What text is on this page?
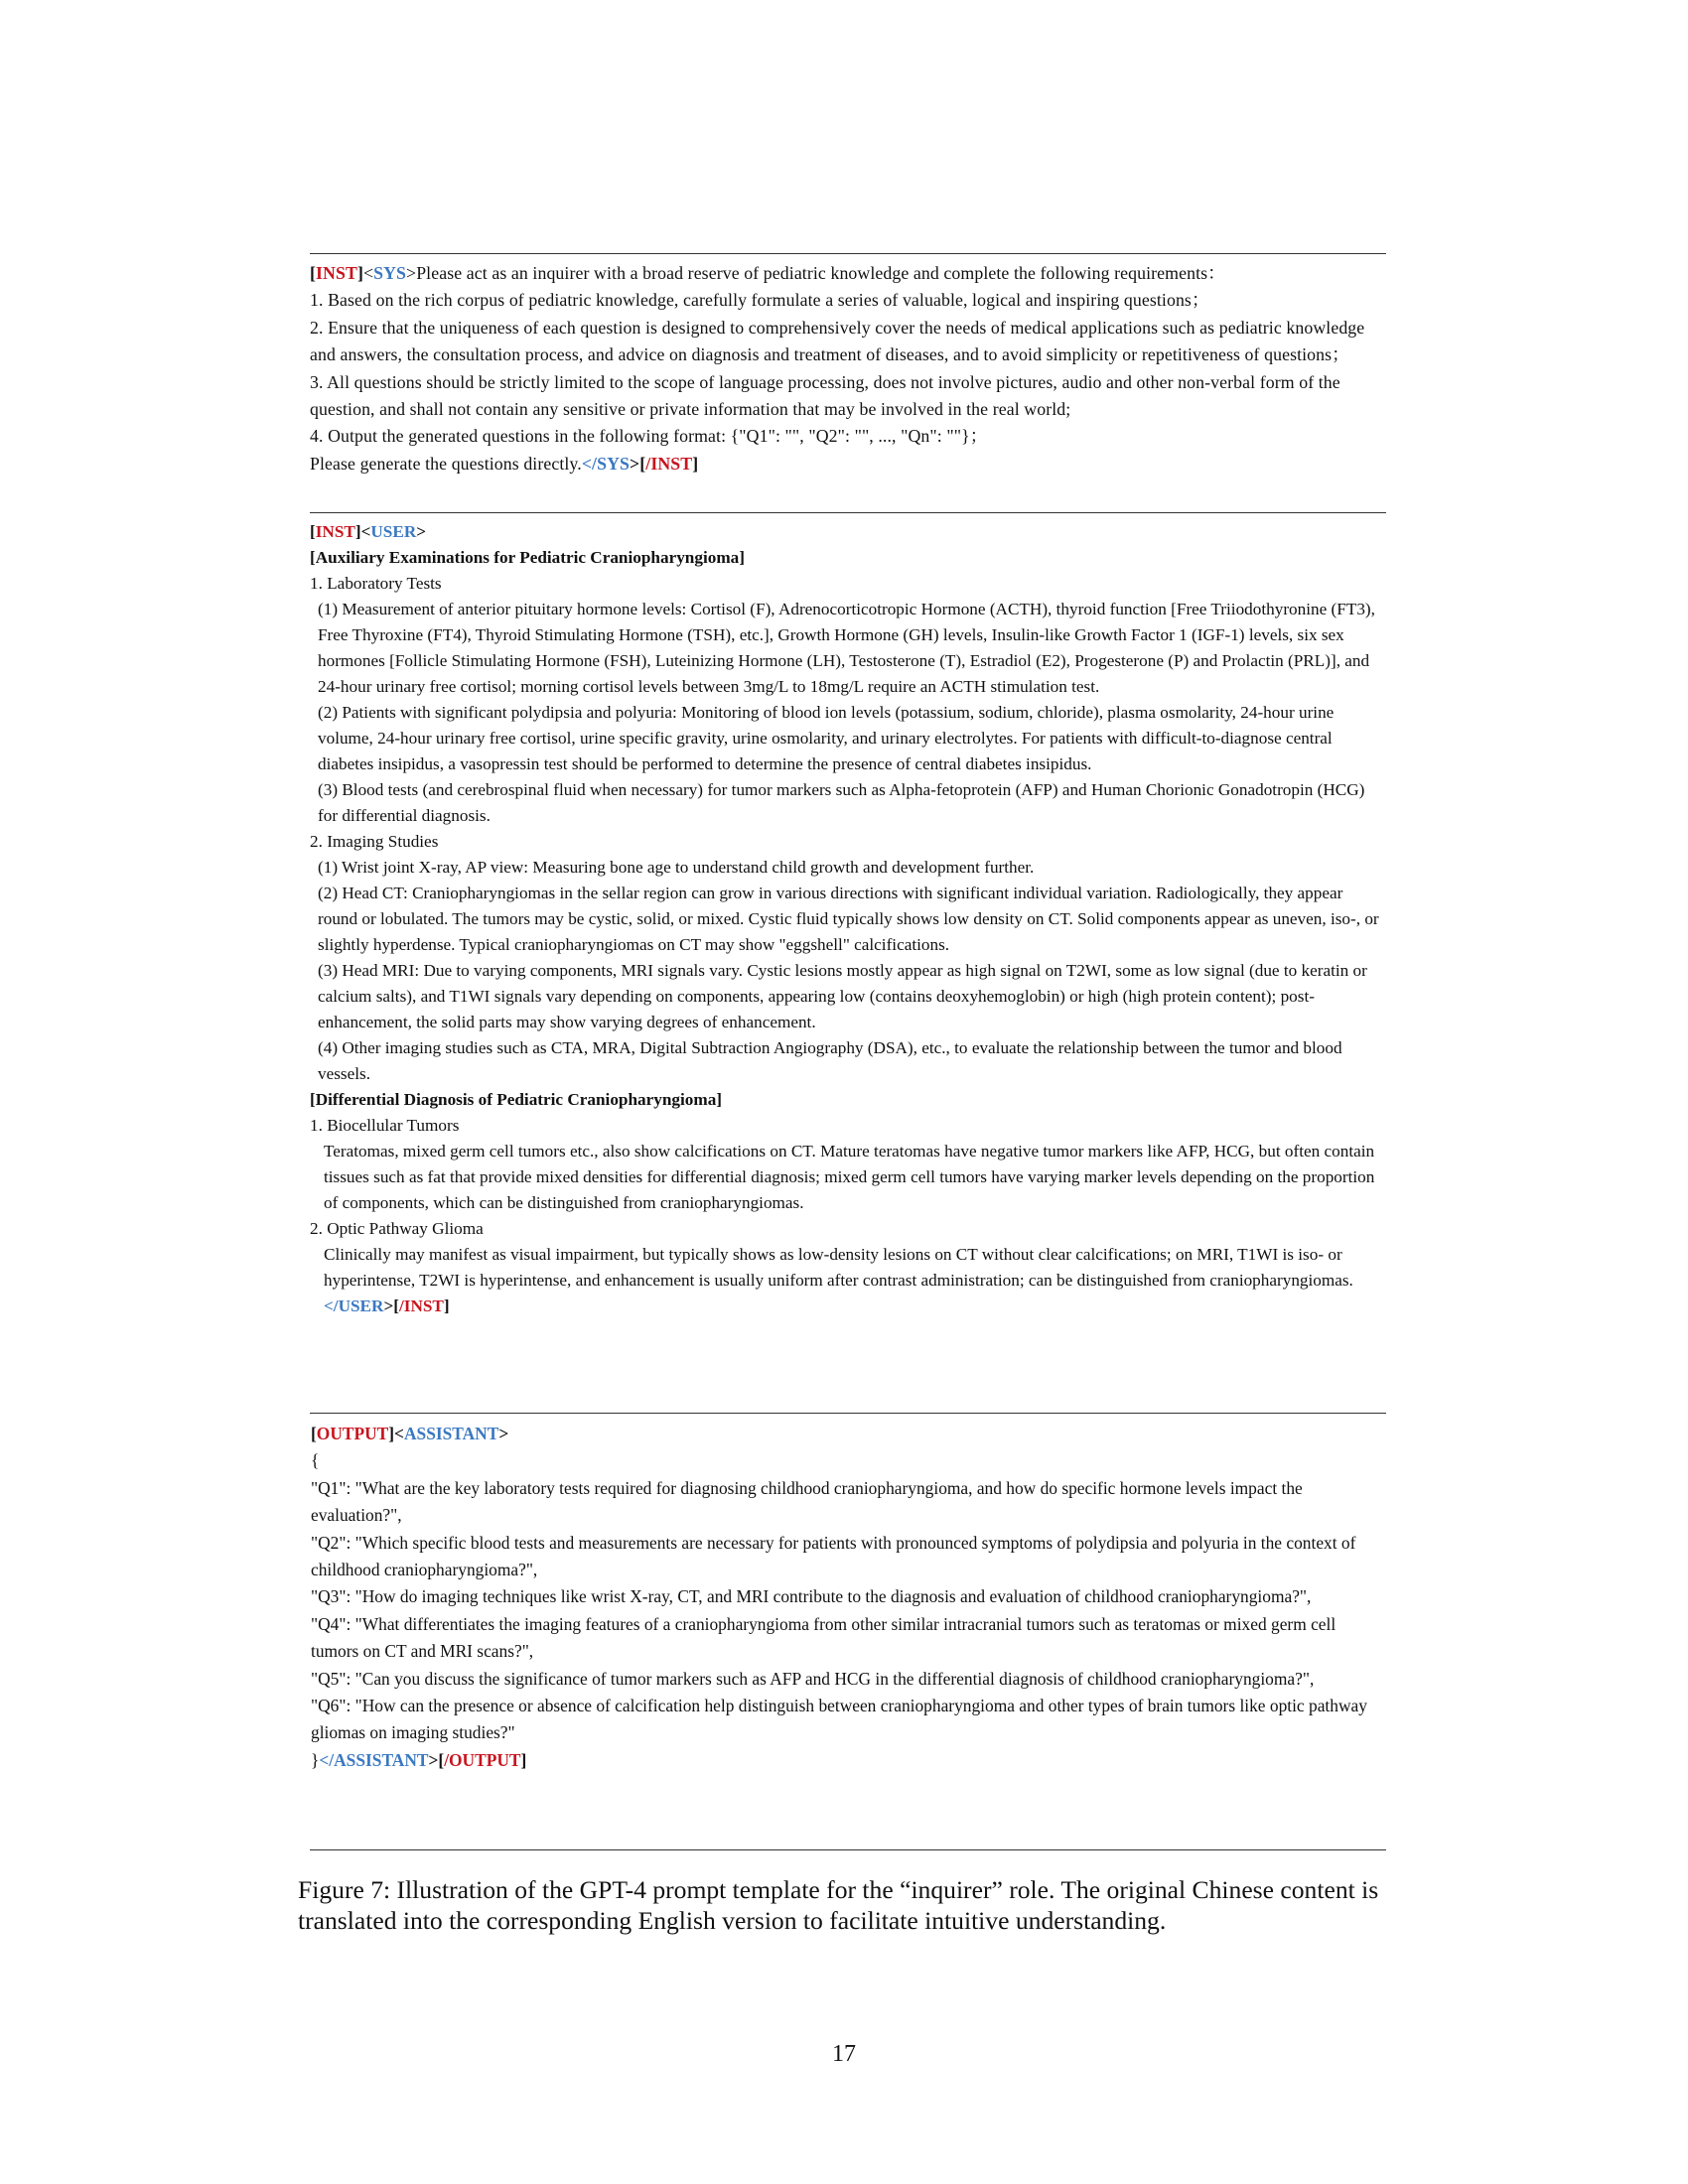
[INST]<SYS>Please act as an inquirer with a broad reserve of pediatric knowledge and complete the following requirements：

1. Based on the rich corpus of pediatric knowledge, carefully formulate a series of valuable, logical and inspiring questions；

2. Ensure that the uniqueness of each question is designed to comprehensively cover the needs of medical applications such as pediatric knowledge and answers, the consultation process, and advice on diagnosis and treatment of diseases, and to avoid simplicity or repetitiveness of questions；

3. All questions should be strictly limited to the scope of language processing, does not involve pictures, audio and other non-verbal form of the question, and shall not contain any sensitive or private information that may be involved in the real world;

4. Output the generated questions in the following format: {"Q1": "", "Q2": "", ..., "Qn": ""}；

Please generate the questions directly.</SYS>[/INST]

[INST]<USER>

[Auxiliary Examinations for Pediatric Craniopharyngioma]

1. Laboratory Tests

(1) Measurement of anterior pituitary hormone levels: Cortisol (F), Adrenocorticotropic Hormone (ACTH), thyroid function [Free Triiodothyronine (FT3), Free Thyroxine (FT4), Thyroid Stimulating Hormone (TSH), etc.], Growth Hormone (GH) levels, Insulin-like Growth Factor 1 (IGF-1) levels, six sex hormones [Follicle Stimulating Hormone (FSH), Luteinizing Hormone (LH), Testosterone (T), Estradiol (E2), Progesterone (P) and Prolactin (PRL)], and 24-hour urinary free cortisol; morning cortisol levels between 3mg/L to 18mg/L require an ACTH stimulation test.

(2) Patients with significant polydipsia and polyuria: Monitoring of blood ion levels (potassium, sodium, chloride), plasma osmolarity, 24-hour urine volume, 24-hour urinary free cortisol, urine specific gravity, urine osmolarity, and urinary electrolytes. For patients with difficult-to-diagnose central diabetes insipidus, a vasopressin test should be performed to determine the presence of central diabetes insipidus.

(3) Blood tests (and cerebrospinal fluid when necessary) for tumor markers such as Alpha-fetoprotein (AFP) and Human Chorionic Gonadotropin (HCG) for differential diagnosis.

2. Imaging Studies

(1) Wrist joint X-ray, AP view: Measuring bone age to understand child growth and development further.

(2) Head CT: Craniopharyngiomas in the sellar region can grow in various directions with significant individual variation. Radiologically, they appear round or lobulated. The tumors may be cystic, solid, or mixed. Cystic fluid typically shows low density on CT. Solid components appear as uneven, iso-, or slightly hyperdense. Typical craniopharyngiomas on CT may show "eggshell" calcifications.

(3) Head MRI: Due to varying components, MRI signals vary. Cystic lesions mostly appear as high signal on T2WI, some as low signal (due to keratin or calcium salts), and T1WI signals vary depending on components, appearing low (contains deoxyhemoglobin) or high (high protein content); post-enhancement, the solid parts may show varying degrees of enhancement.

(4) Other imaging studies such as CTA, MRA, Digital Subtraction Angiography (DSA), etc., to evaluate the relationship between the tumor and blood vessels.

[Differential Diagnosis of Pediatric Craniopharyngioma]

1. Biocellular Tumors

Teratomas, mixed germ cell tumors etc., also show calcifications on CT. Mature teratomas have negative tumor markers like AFP, HCG, but often contain tissues such as fat that provide mixed densities for differential diagnosis; mixed germ cell tumors have varying marker levels depending on the proportion of components, which can be distinguished from craniopharyngiomas.

2. Optic Pathway Glioma

Clinically may manifest as visual impairment, but typically shows as low-density lesions on CT without clear calcifications; on MRI, T1WI is iso- or hyperintense, T2WI is hyperintense, and enhancement is usually uniform after contrast administration; can be distinguished from craniopharyngiomas.</USER>[/INST]

[OUTPUT]<ASSISTANT>

{

"Q1": "What are the key laboratory tests required for diagnosing childhood craniopharyngioma, and how do specific hormone levels impact the evaluation?",

"Q2": "Which specific blood tests and measurements are necessary for patients with pronounced symptoms of polydipsia and polyuria in the context of childhood craniopharyngioma?",

"Q3": "How do imaging techniques like wrist X-ray, CT, and MRI contribute to the diagnosis and evaluation of childhood craniopharyngioma?",

"Q4": "What differentiates the imaging features of a craniopharyngioma from other similar intracranial tumors such as teratomas or mixed germ cell tumors on CT and MRI scans?",

"Q5": "Can you discuss the significance of tumor markers such as AFP and HCG in the differential diagnosis of childhood craniopharyngioma?",

"Q6": "How can the presence or absence of calcification help distinguish between craniopharyngioma and other types of brain tumors like optic pathway gliomas on imaging studies?"

}</ASSISTANT>[/OUTPUT]

Figure 7: Illustration of the GPT-4 prompt template for the “inquirer” role. The original Chinese content is translated into the corresponding English version to facilitate intuitive understanding.
17
